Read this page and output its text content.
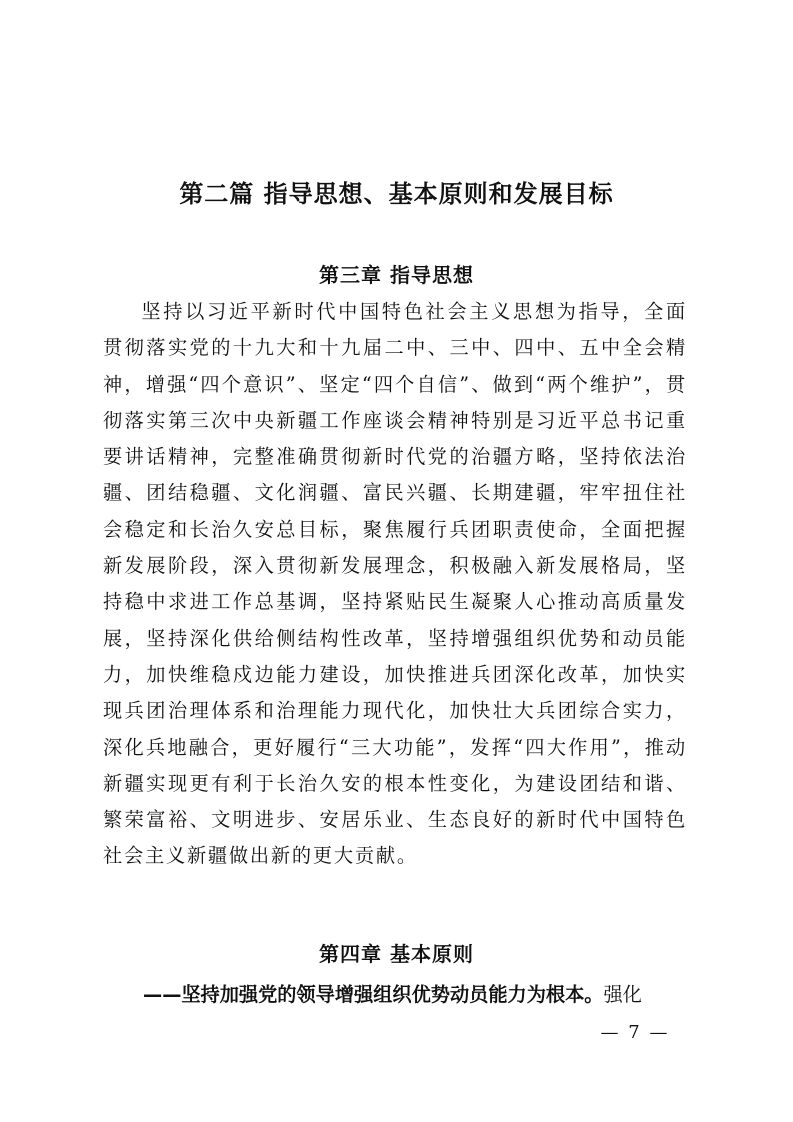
第二篇 指导思想、基本原则和发展目标
第三章 指导思想

坚持以习近平新时代中国特色社会主义思想为指导，全面贯彻落实党的十九大和十九届二中、三中、四中、五中全会精神，增强“四个意识”、坚定“四个自信”、做到“两个维护”，贯彻落实第三次中央新疆工作座谈会精神特别是习近平总书记重要讲话精神，完整准确贯彻新时代党的治疆方略，坚持依法治疆、团结稳疆、文化润疆、富民兴疆、长期建疆，牢牢扭住社会稳定和长治久安总目标，聚焦履行兵团职责使命，全面把握新发展阶段，深入贯彻新发展理念，积极融入新发展格局，坚持稳中求进工作总基调，坚持紧贴民生凝聚人心推动高质量发展，坚持深化供给侧结构性改革，坚持增强组织优势和动员能力，加快维稳戍边能力建设，加快推进兵团深化改革，加快实现兵团治理体系和治理能力现代化，加快壮大兵团综合实力，深化兵地融合，更好履行“三大功能”，发挥“四大作用”，推动新疆实现更有利于长治久安的根本性变化，为建设团结和谐、繁荣富裕、文明进步、安居乐业、生态良好的新时代中国特色社会主义新疆做出新的更大贡献。

第四章 基本原则

——坚持加强党的领导增强组织优势动员能力为根本。强化

— 7 —
